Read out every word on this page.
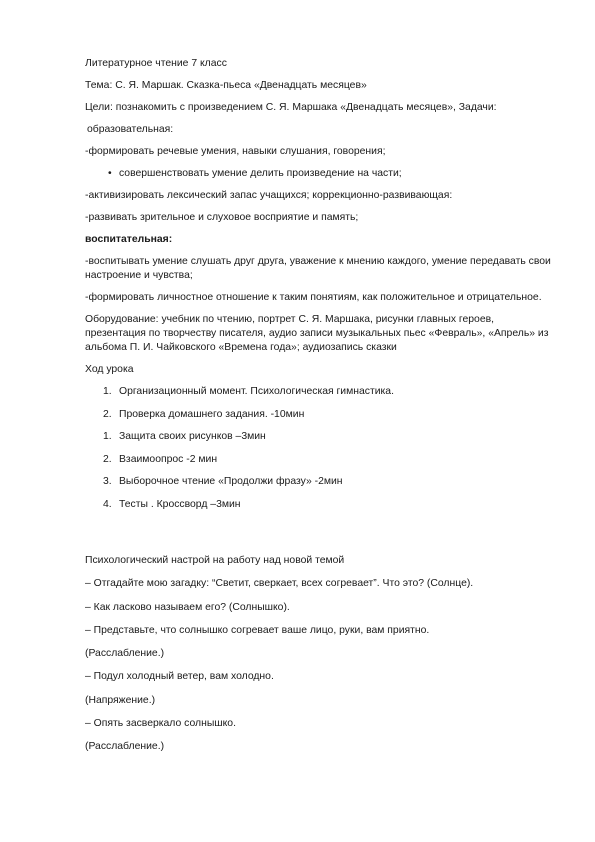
Литературное чтение 7 класс

Тема: С. Я. Маршак. Сказка-пьеса «Двенадцать месяцев»

Цели: познакомить с произведением С. Я. Маршака «Двенадцать месяцев», Задачи:

образовательная:

-формировать речевые умения, навыки слушания, говорения;

• совершенствовать умение делить произведение на части;

-активизировать лексический запас учащихся; коррекционно-развивающая:

-развивать зрительное и слуховое восприятие и память;

воспитательная:

-воспитывать умение слушать друг друга, уважение к мнению каждого, умение передавать свои настроение и чувства;

-формировать личностное отношение к таким понятиям, как положительное и отрицательное.

Оборудование: учебник по чтению, портрет С. Я. Маршака, рисунки главных героев, презентация по творчеству писателя, аудио записи музыкальных пьес «Февраль», «Апрель» из альбома П. И. Чайковского «Времена года»; аудиозапись сказки

Ход урока

1. Организационный момент. Психологическая гимнастика.
2. Проверка домашнего задания. -10мин
1. Защита своих рисунков –3мин
2. Взаимоопрос -2 мин
3. Выборочное чтение «Продолжи фразу» -2мин
4. Тесты . Кроссворд –3мин

Психологический настрой на работу над новой темой

– Отгадайте мою загадку: “Светит, сверкает, всех согревает”. Что это? (Солнце).

– Как ласково называем его? (Солнышко).

– Представьте, что солнышко согревает ваше лицо, руки, вам приятно.

(Расслабление.)

– Подул холодный ветер, вам холодно.

(Напряжение.)

– Опять засверкало солнышко.

(Расслабление.)
